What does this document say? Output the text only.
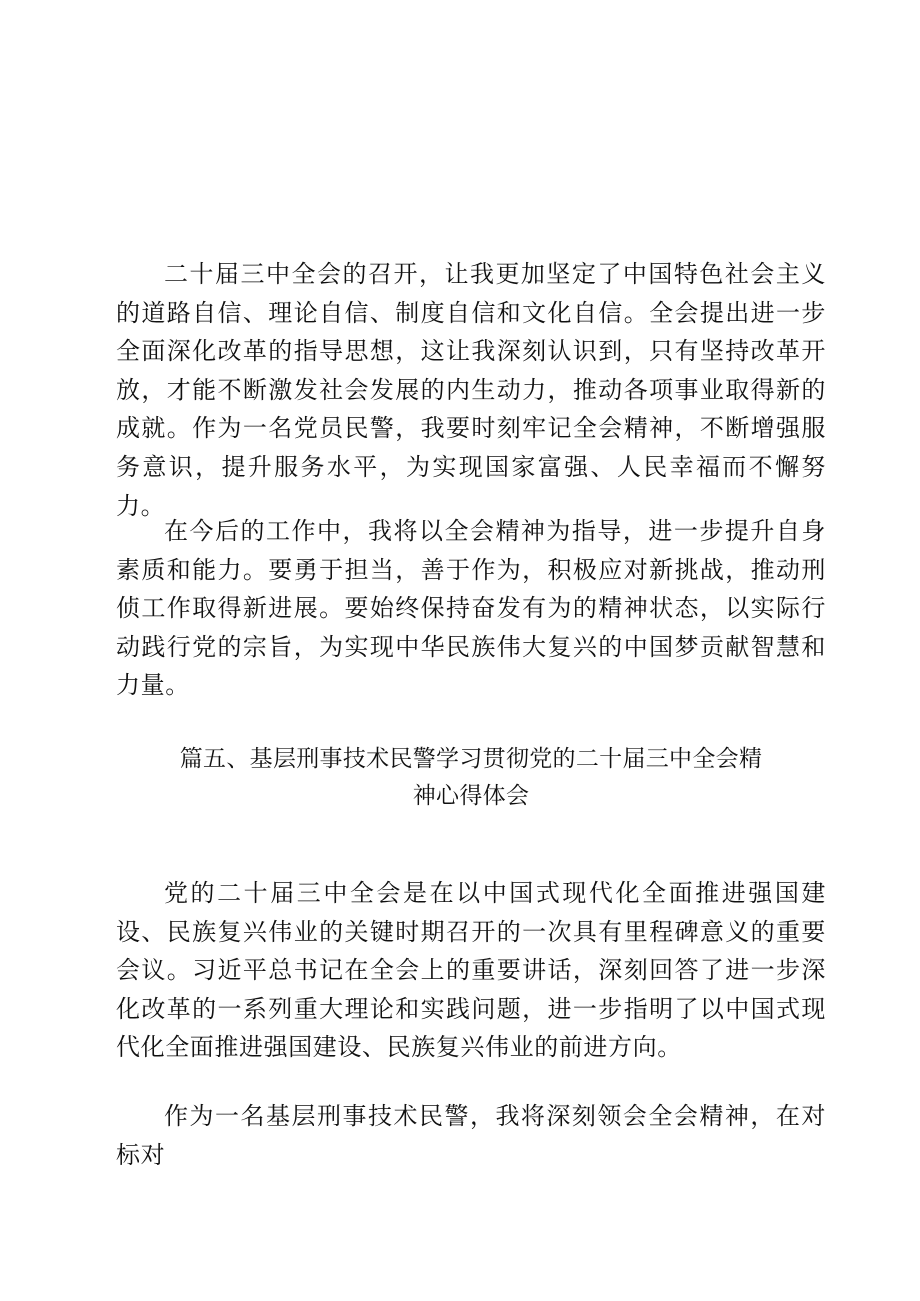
二十届三中全会的召开，让我更加坚定了中国特色社会主义的道路自信、理论自信、制度自信和文化自信。全会提出进一步全面深化改革的指导思想，这让我深刻认识到，只有坚持改革开放，才能不断激发社会发展的内生动力，推动各项事业取得新的成就。作为一名党员民警，我要时刻牢记全会精神，不断增强服务意识，提升服务水平，为实现国家富强、人民幸福而不懈努力。

在今后的工作中，我将以全会精神为指导，进一步提升自身素质和能力。要勇于担当，善于作为，积极应对新挑战，推动刑侦工作取得新进展。要始终保持奋发有为的精神状态，以实际行动践行党的宗旨，为实现中华民族伟大复兴的中国梦贡献智慧和力量。

篇五、基层刑事技术民警学习贯彻党的二十届三中全会精
神心得体会

党的二十届三中全会是在以中国式现代化全面推进强国建设、民族复兴伟业的关键时期召开的一次具有里程碑意义的重要会议。习近平总书记在全会上的重要讲话，深刻回答了进一步深化改革的一系列重大理论和实践问题，进一步指明了以中国式现代化全面推进强国建设、民族复兴伟业的前进方向。

作为一名基层刑事技术民警，我将深刻领会全会精神，在对标对
